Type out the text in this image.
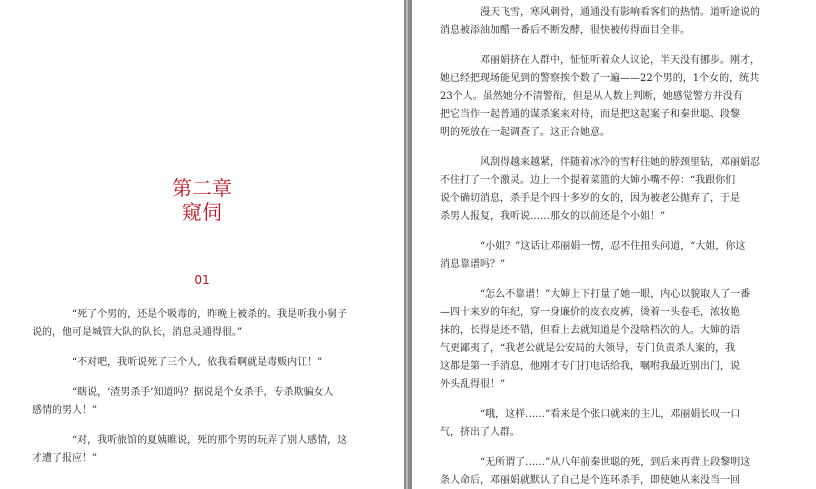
第二章
窥伺
01

“死了个男的，还是个吸毒的，昨晚上被杀的。我是听我小舅子
说的，他可是城管大队的队长，消息灵通得很。”

“不对吧，我听说死了三个人，依我看啊就是毒贩内讧！”

“瞎说，‘渣男杀手’知道吗？据说是个女杀手，专杀欺骗女人
感情的男人！”

“对，我听旅馆的夏姨睢说，死的那个男的玩弄了别人感情，这
才遭了报应！”

漫天飞雪，寒风刺骨，通通没有影响看客们的热情。道听途说的
消息被添油加醋一番后不断发酵，很快被传得面目全非。

邓丽娟挤在人群中，怔怔听着众人议论，半天没有挪步。刚才，
她已经把现场能见到的警察挨个数了一遍——22个男的，1个女的，统共
23个人。虽然她分不清警衔，但是从人数上判断，她感觉警方并没有
把它当作一起普通的谋杀案来对待，而是把这起案子和秦世聪、段黎
明的死放在一起调查了。这正合她意。

风刮得越来越紧，伴随着冰冷的雪籽往她的脖颈里钻，邓丽娟忍
不住打了一个激灵。边上一个提着菜篮的大婶小嘴不停：“我跟你们
说个确切消息，杀手是个四十多岁的女的，因为被老公抛弃了，于是
杀男人报复，我听说……那女的以前还是个小姐！”

“小姐？”这话让邓丽娟一愣，忍不住扭头问道，“大姐，你这
消息靠谱吗？”

“怎么不靠谱！”大婶上下打量了她一眼，内心以貌取人了一番
—四十来岁的年纪，穿一身廉价的皮衣皮裤，烫着一头卷毛，浓妆艳
抹的，长得是还不错，但看上去就知道是个没啥档次的人。大婶的语
气更鄙夷了，“我老公就是公安局的大领导，专门负责杀人案的，我
这都是第一手消息，他刚才专门打电话给我，嘱咐我最近别出门，说
外头乱得很！”

“哦，这样……”看来是个张口就来的主儿，邓丽娟长叹一口
气，挤出了人群。

“无所谓了……”从八年前秦世聪的死，到后来再背上段黎明这
条人命后，邓丽娟就默认了自己是个连环杀手，即使她从来没当一回
